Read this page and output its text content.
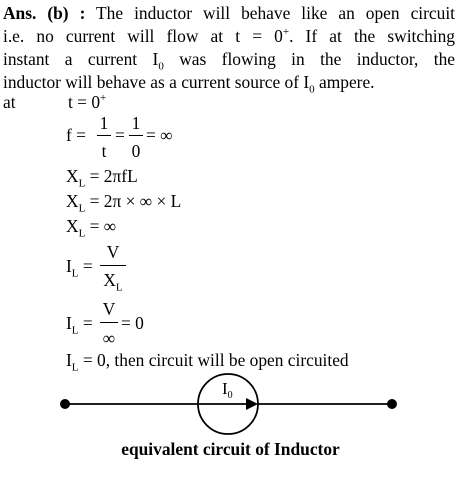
Ans. (b) : The inductor will behave like an open circuit
i.e. no current will flow at t = 0+. If at the switching
instant a current $I_0$ was flowing in the inductor, the
inductor will behave as a current source of $I_0$ ampere.
at	t = 0+
f =
1
t
=
1
0
= ∞
$X_L = 2\pi fL$
$X_L = 2\pi$ × ∞ × L
$X_L$ = ∞
$I_L$ =
V
$X_L$
$I_L$ =
V
∞
= 0
$I_L = 0$, then circuit will be open circuited
$I_0$
equivalent circuit of Inductor
